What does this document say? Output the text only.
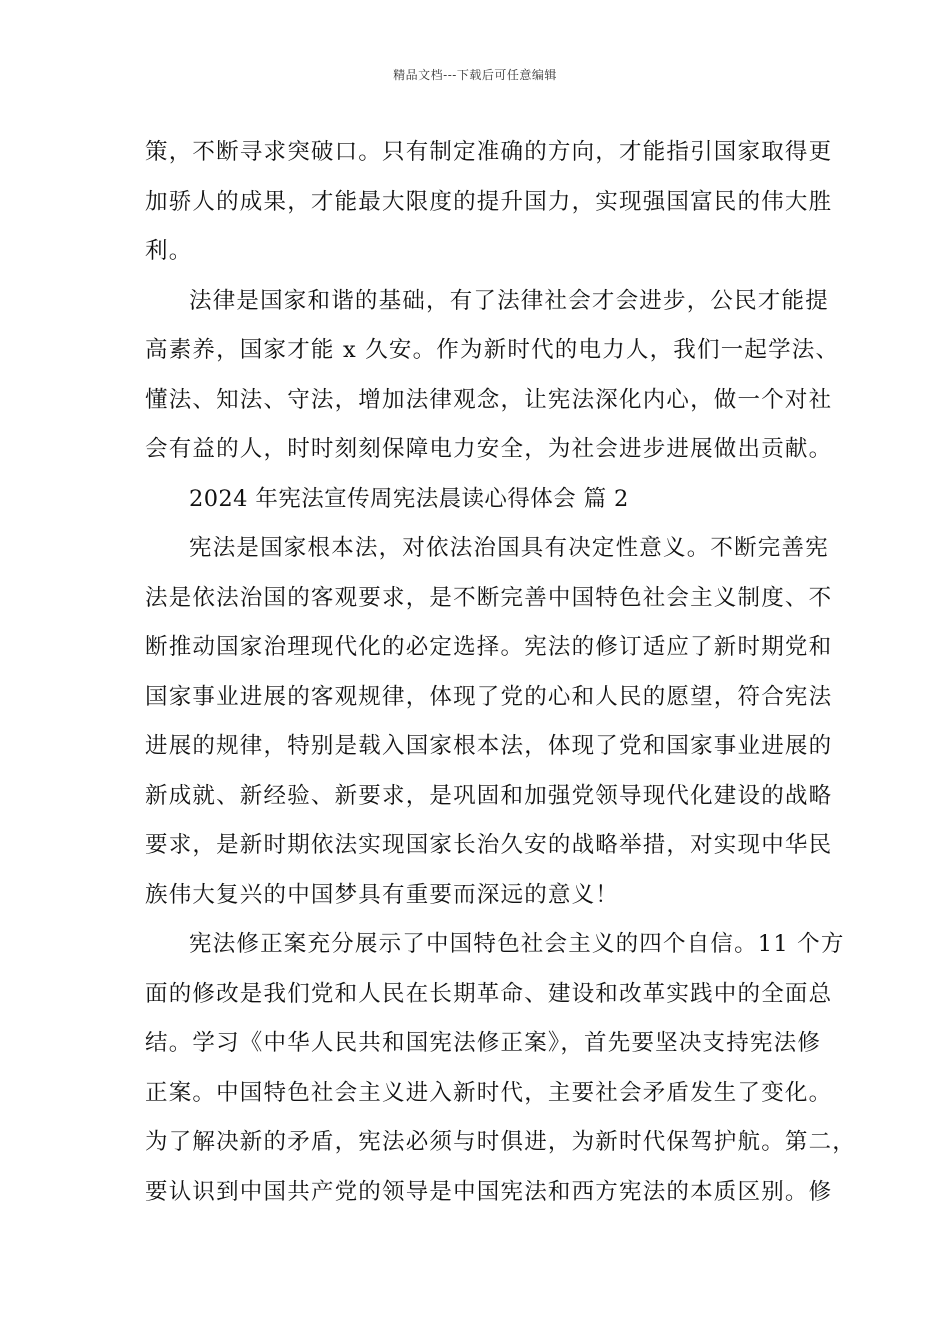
精品文档---下载后可任意编辑
策，不断寻求突破口。只有制定准确的方向，才能指引国家取得更
加骄人的成果，才能最大限度的提升国力，实现强国富民的伟大胜
利。
法律是国家和谐的基础，有了法律社会才会进步，公民才能提
高素养，国家才能 x 久安。作为新时代的电力人，我们一起学法、
懂法、知法、守法，增加法律观念，让宪法深化内心，做一个对社
会有益的人，时时刻刻保障电力安全，为社会进步进展做出贡献。
2024 年宪法宣传周宪法晨读心得体会 篇 2
宪法是国家根本法，对依法治国具有决定性意义。不断完善宪
法是依法治国的客观要求，是不断完善中国特色社会主义制度、不
断推动国家治理现代化的必定选择。宪法的修订适应了新时期党和
国家事业进展的客观规律，体现了党的心和人民的愿望，符合宪法
进展的规律，特别是载入国家根本法，体现了党和国家事业进展的
新成就、新经验、新要求，是巩固和加强党领导现代化建设的战略
要求，是新时期依法实现国家长治久安的战略举措，对实现中华民
族伟大复兴的中国梦具有重要而深远的意义！
宪法修正案充分展示了中国特色社会主义的四个自信。11 个方
面的修改是我们党和人民在长期革命、建设和改革实践中的全面总
结。学习《中华人民共和国宪法修正案》，首先要坚决支持宪法修
正案。中国特色社会主义进入新时代，主要社会矛盾发生了变化。
为了解决新的矛盾，宪法必须与时俱进，为新时代保驾护航。第二，
要认识到中国共产党的领导是中国宪法和西方宪法的本质区别。修
